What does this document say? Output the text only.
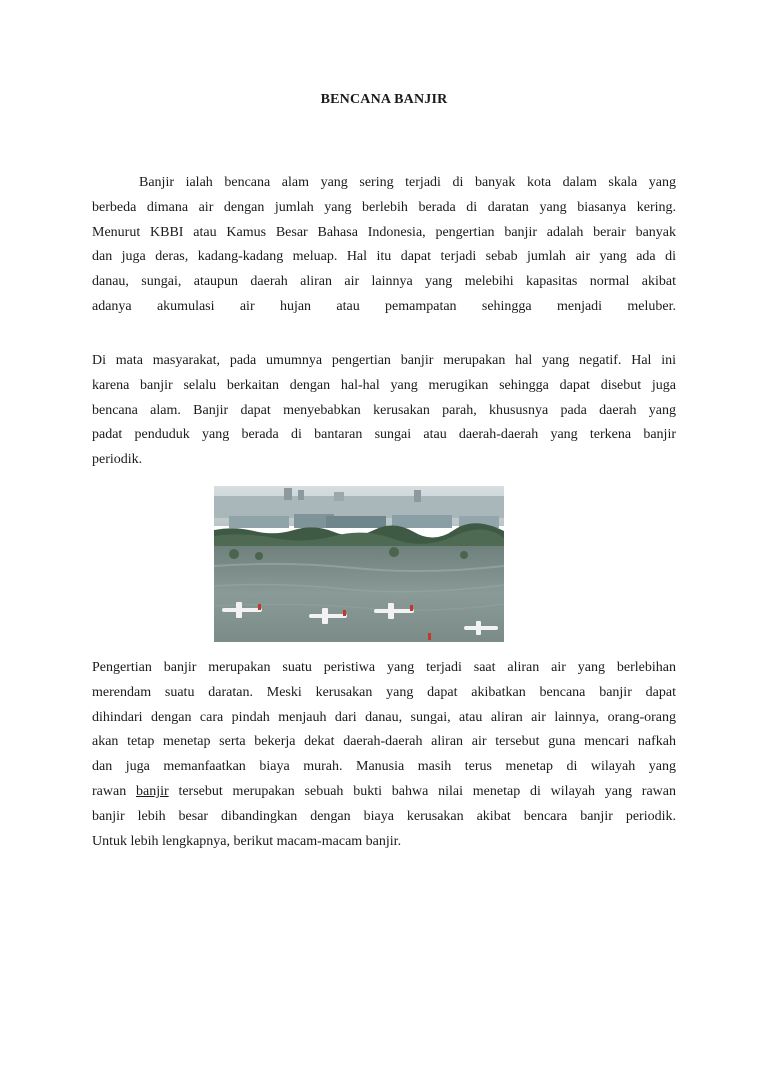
BENCANA BANJIR
Banjir ialah bencana alam yang sering terjadi di banyak kota dalam skala yang
berbeda dimana air dengan jumlah yang berlebih berada di daratan yang biasanya kering.
Menurut KBBI atau Kamus Besar Bahasa Indonesia, pengertian banjir adalah berair banyak
dan juga deras, kadang-kadang meluap. Hal itu dapat terjadi sebab jumlah air yang ada di
danau, sungai, ataupun daerah aliran air lainnya yang melebihi kapasitas normal akibat
adanya akumulasi air hujan atau pemampatan sehingga menjadi meluber.
Di mata masyarakat, pada umumnya pengertian banjir merupakan hal yang negatif. Hal ini
karena banjir selalu berkaitan dengan hal-hal yang merugikan sehingga dapat disebut juga
bencana alam. Banjir dapat menyebabkan kerusakan parah, khususnya pada daerah yang
padat penduduk yang berada di bantaran sungai atau daerah-daerah yang terkena banjir
periodik.
Pengertian banjir merupakan suatu peristiwa yang terjadi saat aliran air yang berlebihan
merendam suatu daratan. Meski kerusakan yang dapat akibatkan bencana banjir dapat
dihindari dengan cara pindah menjauh dari danau, sungai, atau aliran air lainnya, orang-orang
akan tetap menetap serta bekerja dekat daerah-daerah aliran air tersebut guna mencari nafkah
dan juga memanfaatkan biaya murah. Manusia masih terus menetap di wilayah yang
rawan banjir tersebut merupakan sebuah bukti bahwa nilai menetap di wilayah yang rawan
banjir lebih besar dibandingkan dengan biaya kerusakan akibat bencara banjir periodik.
Untuk lebih lengkapnya, berikut macam-macam banjir.
